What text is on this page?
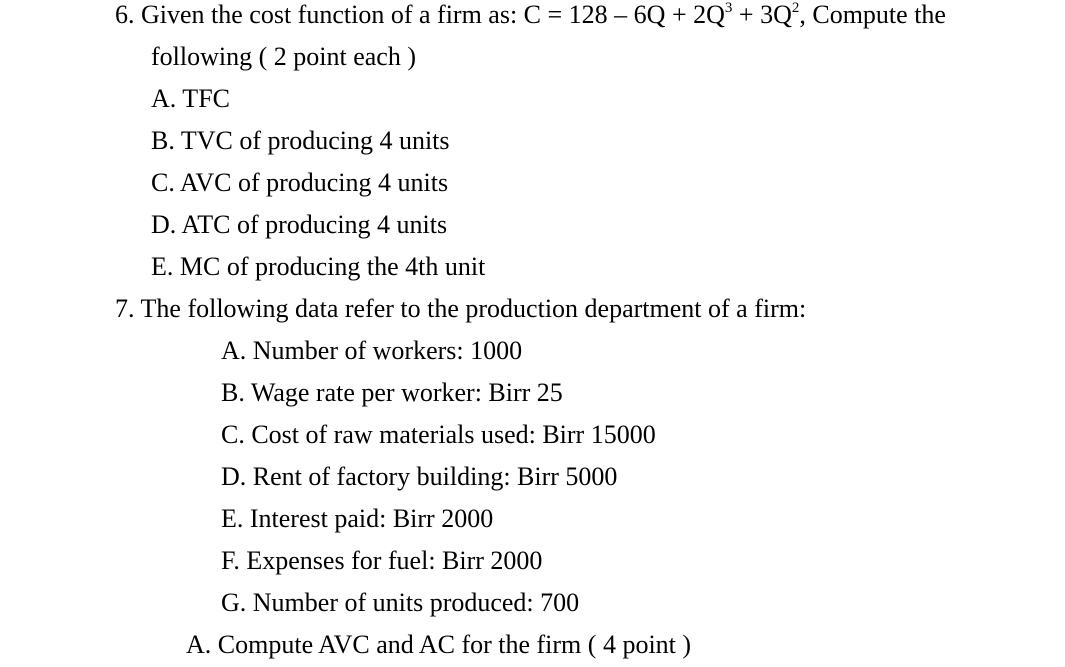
6. Given the cost function of a firm as: $C = 128 - 6Q + 2Q^3 + 3Q^2$, Compute the
following ( 2 point each )
A. TFC
B. TVC of producing 4 units
C. AVC of producing 4 units
D. ATC of producing 4 units
E. MC of producing the 4th unit
7. The following data refer to the production department of a firm:
A. Number of workers: 1000
B. Wage rate per worker: Birr 25
C. Cost of raw materials used: Birr 15000
D. Rent of factory building: Birr 5000
E. Interest paid: Birr 2000
F. Expenses for fuel: Birr 2000
G. Number of units produced: 700
A. Compute AVC and AC for the firm ( 4 point )
